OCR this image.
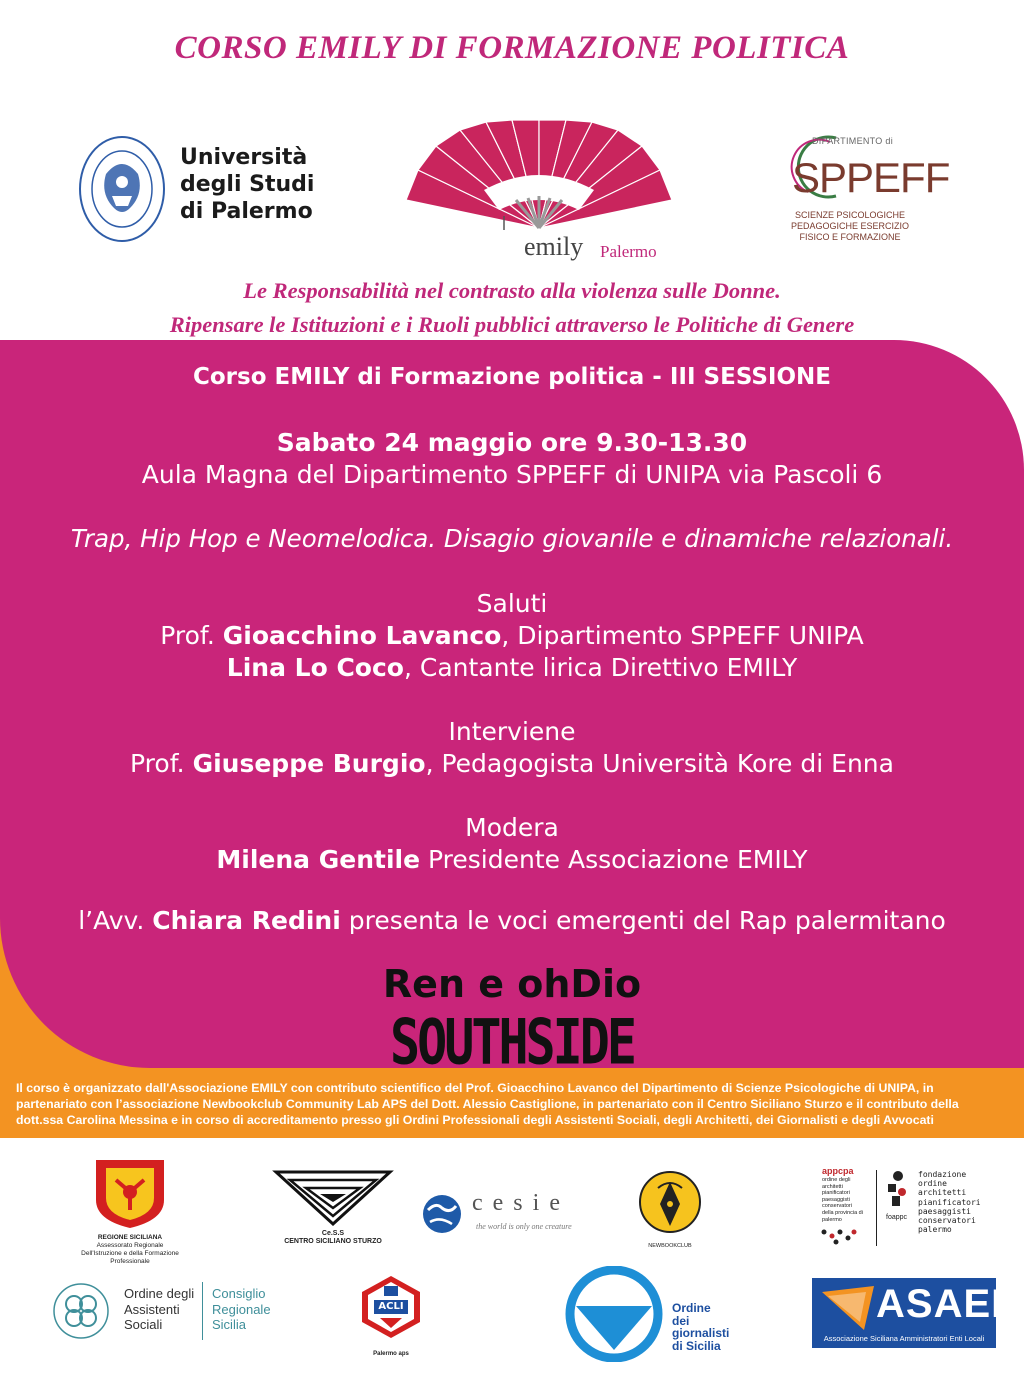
CORSO EMILY DI FORMAZIONE POLITICA
Università
degli Studi
di Palermo
emily Palermo
DIPARTIMENTO di
SPPEFF
SCIENZE PSICOLOGICHE
PEDAGOGICHE ESERCIZIO
FISICO E FORMAZIONE
Le Responsabilità nel contrasto alla violenza sulle Donne.
Ripensare le Istituzioni e i Ruoli pubblici attraverso le Politiche di Genere
Corso EMILY di Formazione politica - III SESSIONE
Sabato 24 maggio ore 9.30-13.30
Aula Magna del Dipartimento SPPEFF di UNIPA via Pascoli 6
Trap, Hip Hop e Neomelodica. Disagio giovanile e dinamiche relazionali.
Saluti
Prof. Gioacchino Lavanco, Dipartimento SPPEFF UNIPA
Lina Lo Coco, Cantante lirica Direttivo EMILY
Interviene
Prof. Giuseppe Burgio, Pedagogista Università Kore di Enna
Modera
Milena Gentile Presidente Associazione EMILY
l’Avv. Chiara Redini presenta le voci emergenti del Rap palermitano
Ren e ohDio
SOUTHSIDE
Il corso è organizzato dall'Associazione EMILY con contributo scientifico del Prof. Gioacchino Lavanco del Dipartimento di Scienze Psicologiche di UNIPA, in partenariato con l’associazione Newbookclub Community Lab APS del Dott. Alessio Castiglione, in partenariato con il Centro Siciliano Sturzo e il contributo della dott.ssa Carolina Messina e in corso di accreditamento presso gli Ordini Professionali degli Assistenti Sociali, degli Architetti, dei Giornalisti e degli Avvocati
REGIONE SICILIANA
Assessorato Regionale
Dell'Istruzione e della Formazione Professionale
Ce.S.S
CENTRO SICILIANO STURZO
c e s i e
the world is only one creature
NEWBOOKCLUB
appcpa
ordine degli
architetti
pianificatori
paesaggisti
conservatori
della provincia di
palermo	foappc
fondazione
ordine
architetti
pianificatori
paesaggisti
conservatori
palermo
Ordine degli
Assistenti
Sociali
Consiglio
Regionale
Sicilia
ACLI
Palermo aps
Ordine
dei
giornalisti
di Sicilia
ASAEL
Associazione Siciliana Amministratori Enti Locali
